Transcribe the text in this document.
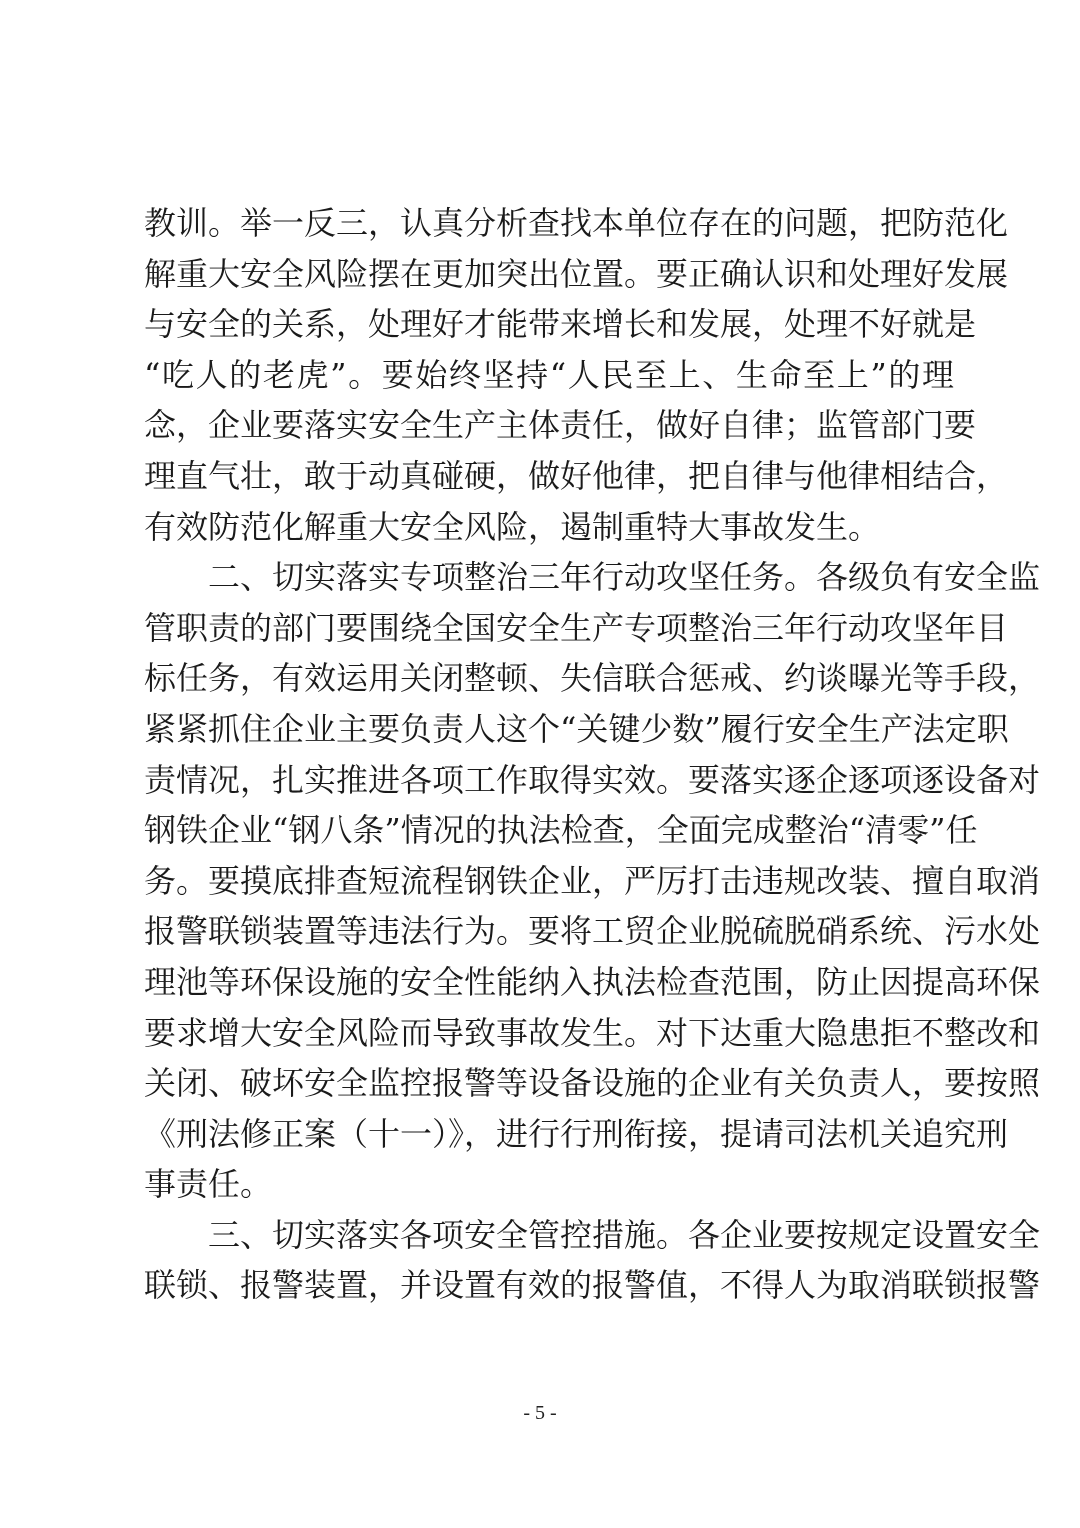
教训。举一反三，认真分析查找本单位存在的问题，把防范化
解重大安全风险摆在更加突出位置。要正确认识和处理好发展
与安全的关系，处理好才能带来增长和发展，处理不好就是
“吃人的老虎”。要始终坚持“人民至上、生命至上”的理
念，企业要落实安全生产主体责任，做好自律；监管部门要
理直气壮，敢于动真碰硬，做好他律，把自律与他律相结合，
有效防范化解重大安全风险，遏制重特大事故发生。
二、切实落实专项整治三年行动攻坚任务。各级负有安全监
管职责的部门要围绕全国安全生产专项整治三年行动攻坚年目
标任务，有效运用关闭整顿、失信联合惩戒、约谈曝光等手段，
紧紧抓住企业主要负责人这个“关键少数”履行安全生产法定职
责情况，扎实推进各项工作取得实效。要落实逐企逐项逐设备对
钢铁企业“钢八条”情况的执法检查，全面完成整治“清零”任
务。要摸底排查短流程钢铁企业，严厉打击违规改装、擅自取消
报警联锁装置等违法行为。要将工贸企业脱硫脱硝系统、污水处
理池等环保设施的安全性能纳入执法检查范围，防止因提高环保
要求增大安全风险而导致事故发生。对下达重大隐患拒不整改和
关闭、破坏安全监控报警等设备设施的企业有关负责人，要按照
《刑法修正案（十一）》，进行行刑衔接，提请司法机关追究刑
事责任。
三、切实落实各项安全管控措施。各企业要按规定设置安全
联锁、报警装置，并设置有效的报警值，不得人为取消联锁报警
- 5 -
